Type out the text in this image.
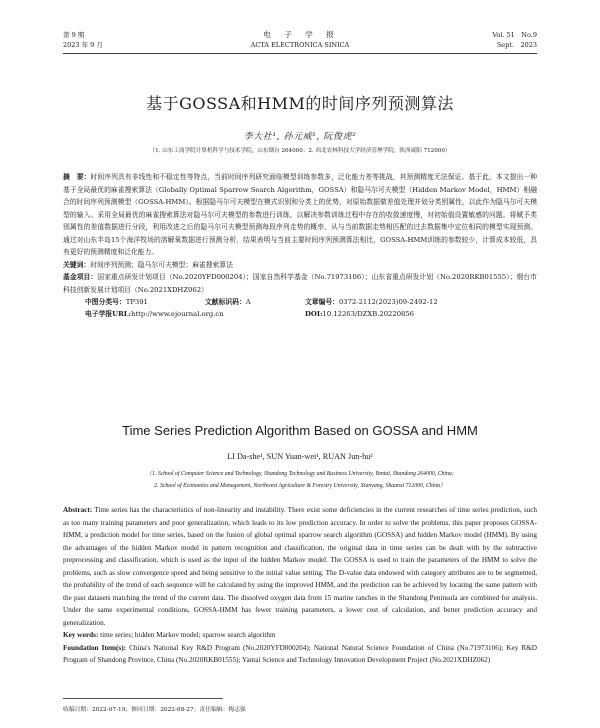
第 9 期
2023 年 9 月
电　子　学　报
ACTA ELECTRONICA SINICA
Vol. 51　No.9
Sept.　2023
基于GOSSA和HMM的时间序列预测算法
李大社¹, 孙元威¹, 阮俊虎²
（1. 山东工商学院计算机科学与技术学院，山东烟台 264000；2. 西北农林科技大学经济管理学院，陕西咸阳 712000）
摘　要：时间序列具有非线性和不稳定性等特点，当前时间序列研究面临模型训练参数多，泛化能力差等挑战，其预测精度无法保证。基于此，本文提出一种基于全局最优的麻雀搜索算法（Globally Optimal Sparrow Search Algorithm，GOSSA）和隐马尔可夫模型（Hidden Markov Model，HMM）相融合的时间序列预测模型（GOSSA-HMM）。根据隐马尔可夫模型在模式识别和分类上的优势，对原始数据做差值处理并划分类别属性，以此作为隐马尔可夫模型的输入。采用全局最优的麻雀搜索算法对隐马尔可夫模型的参数进行训练，以解决参数训练过程中存在的收敛速度慢，对初始值设置敏感的问题。将赋予类别属性的差值数据进行分段，利用改进之后的隐马尔可夫模型预测每段序列走势的概率，从与当前数据走势相匹配的过去数据集中定位相同的模型实现预测。通过对山东半岛15个海洋牧场的溶解氧数据进行预测分析，结果表明与当前主要时间序列预测算法相比，GOSSA-HMM训练的参数较少，计算成本较低，具有更好的预测精度和泛化能力。
关键词：时间序列预测；隐马尔可夫模型；麻雀搜索算法
基金项目：国家重点研发计划项目（No.2020YFD000204）；国家自然科学基金（No.71973106）；山东省重点研发计划（No.2020RKB01555）；烟台市科技创新发展计划项目（No.2021XDHZ062）
中图分类号：TP391	文献标识码：A	文章编号：0372-2112(2023)09-2492-12
电子学报URL:http://www.ejournal.org.cn	DOI:10.12263/DZXB.20220856
Time Series Prediction Algorithm Based on GOSSA and HMM
LI Da-she¹, SUN Yuan-wei¹, RUAN Jun-hu²
（1. School of Computer Science and Technology, Shandong Technology and Business University, Yantai, Shandong 264000, China;
2. School of Economics and Management, Northwest Agriculture & Forestry University, Xianyang, Shaanxi 712000, China）
Abstract: Time series has the characteristics of non-linearity and instability. There exist some deficiencies in the current researches of time series prediction, such as too many training parameters and poor generalization, which leads to its low prediction accuracy. In order to solve the problems, this paper proposes GOSSA-HMM, a prediction model for time series, based on the fusion of global optimal sparrow search algorithm (GOSSA) and hidden Markov model (HMM). By using the advantages of the hidden Markov model in pattern recognition and classification, the original data in time series can be dealt with by the subtractive preprocessing and classification, which is used as the input of the hidden Markov model. The GOSSA is used to train the parameters of the HMM to solve the problems, such as slow convergence speed and being sensitive to the initial value setting. The D-value data endowed with category attributes are to be segmented, the probability of the trend of each sequence will be calculated by using the improved HMM, and the prediction can be achieved by locating the same pattern with the past datasets matching the trend of the current data. The dissolved oxygen data from 15 marine ranches in the Shandong Peninsula are combined for analysis. Under the same experimental conditions, GOSSA-HMM has fewer training parameters, a lower cost of calculation, and better prediction accuracy and generalization.
Key words: time series; hidden Markov model; sparrow search algorithm
Foundation Item(s): China's National Key R&D Program (No.2020YFD000204); National Natural Science Foundation of China (No.71973106); Key R&D Program of Shandong Province, China (No.2020RKB01555); Yantai Science and Technology Innovation Development Project (No.2021XDHZ062)
收稿日期：2022-07-19；修回日期：2022-08-27；责任编辑：梅志强
